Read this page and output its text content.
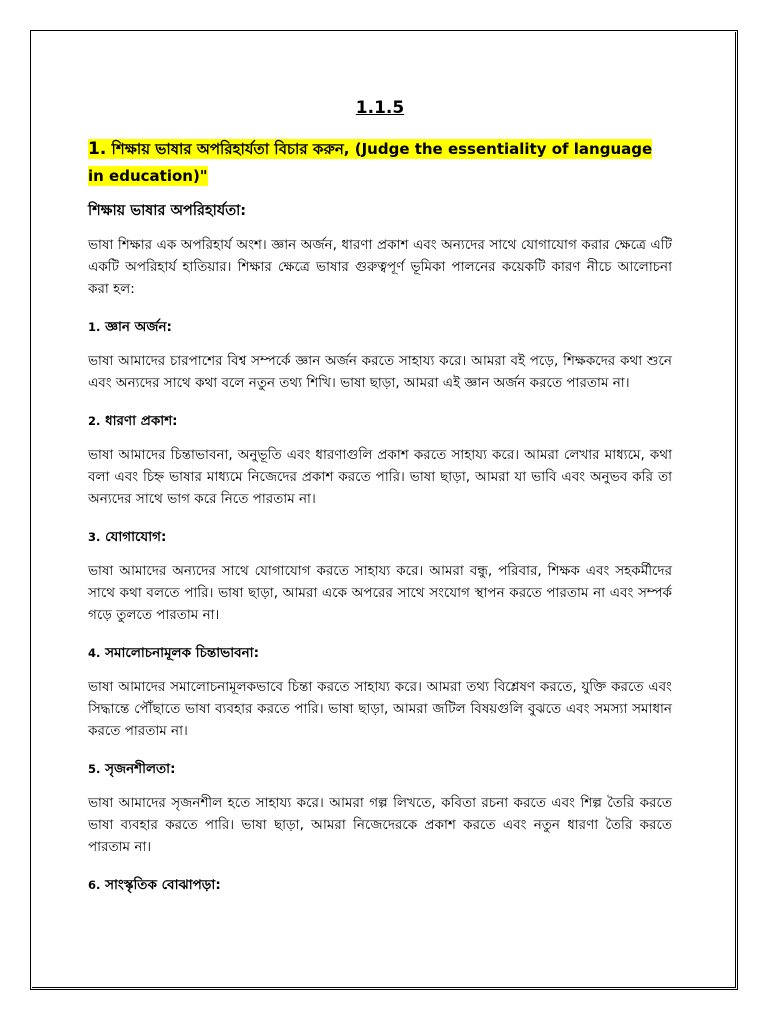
1.1.5
1. শিক্ষায় ভাষার অপরিহার্যতা বিচার করুন, (Judge the essentiality of language in education)"
শিক্ষায় ভাষার অপরিহার্যতা:
ভাষা শিক্ষার এক অপরিহার্য অংশ। জ্ঞান অর্জন, ধারণা প্রকাশ এবং অন্যদের সাথে যোগাযোগ করার ক্ষেত্রে এটি একটি অপরিহার্য হাতিয়ার। শিক্ষার ক্ষেত্রে ভাষার গুরুত্বপূর্ণ ভূমিকা পালনের কয়েকটি কারণ নীচে আলোচনা করা হল:
1. জ্ঞান অর্জন:
ভাষা আমাদের চারপাশের বিশ্ব সম্পর্কে জ্ঞান অর্জন করতে সাহায্য করে। আমরা বই পড়ে, শিক্ষকদের কথা শুনে এবং অন্যদের সাথে কথা বলে নতুন তথ্য শিখি। ভাষা ছাড়া, আমরা এই জ্ঞান অর্জন করতে পারতাম না।
2. ধারণা প্রকাশ:
ভাষা আমাদের চিন্তাভাবনা, অনুভূতি এবং ধারণাগুলি প্রকাশ করতে সাহায্য করে। আমরা লেখার মাধ্যমে, কথা বলা এবং চিহ্ন ভাষার মাধ্যমে নিজেদের প্রকাশ করতে পারি। ভাষা ছাড়া, আমরা যা ভাবি এবং অনুভব করি তা অন্যদের সাথে ভাগ করে নিতে পারতাম না।
3. যোগাযোগ:
ভাষা আমাদের অন্যদের সাথে যোগাযোগ করতে সাহায্য করে। আমরা বন্ধু, পরিবার, শিক্ষক এবং সহকর্মীদের সাথে কথা বলতে পারি। ভাষা ছাড়া, আমরা একে অপরের সাথে সংযোগ স্থাপন করতে পারতাম না এবং সম্পর্ক গড়ে তুলতে পারতাম না।
4. সমালোচনামূলক চিন্তাভাবনা:
ভাষা আমাদের সমালোচনামূলকভাবে চিন্তা করতে সাহায্য করে। আমরা তথ্য বিশ্লেষণ করতে, যুক্তি করতে এবং সিদ্ধান্তে পৌঁছাতে ভাষা ব্যবহার করতে পারি। ভাষা ছাড়া, আমরা জটিল বিষয়গুলি বুঝতে এবং সমস্যা সমাধান করতে পারতাম না।
5. সৃজনশীলতা:
ভাষা আমাদের সৃজনশীল হতে সাহায্য করে। আমরা গল্প লিখতে, কবিতা রচনা করতে এবং শিল্প তৈরি করতে ভাষা ব্যবহার করতে পারি। ভাষা ছাড়া, আমরা নিজেদেরকে প্রকাশ করতে এবং নতুন ধারণা তৈরি করতে পারতাম না।
6. সাংস্কৃতিক বোঝাপড়া:
